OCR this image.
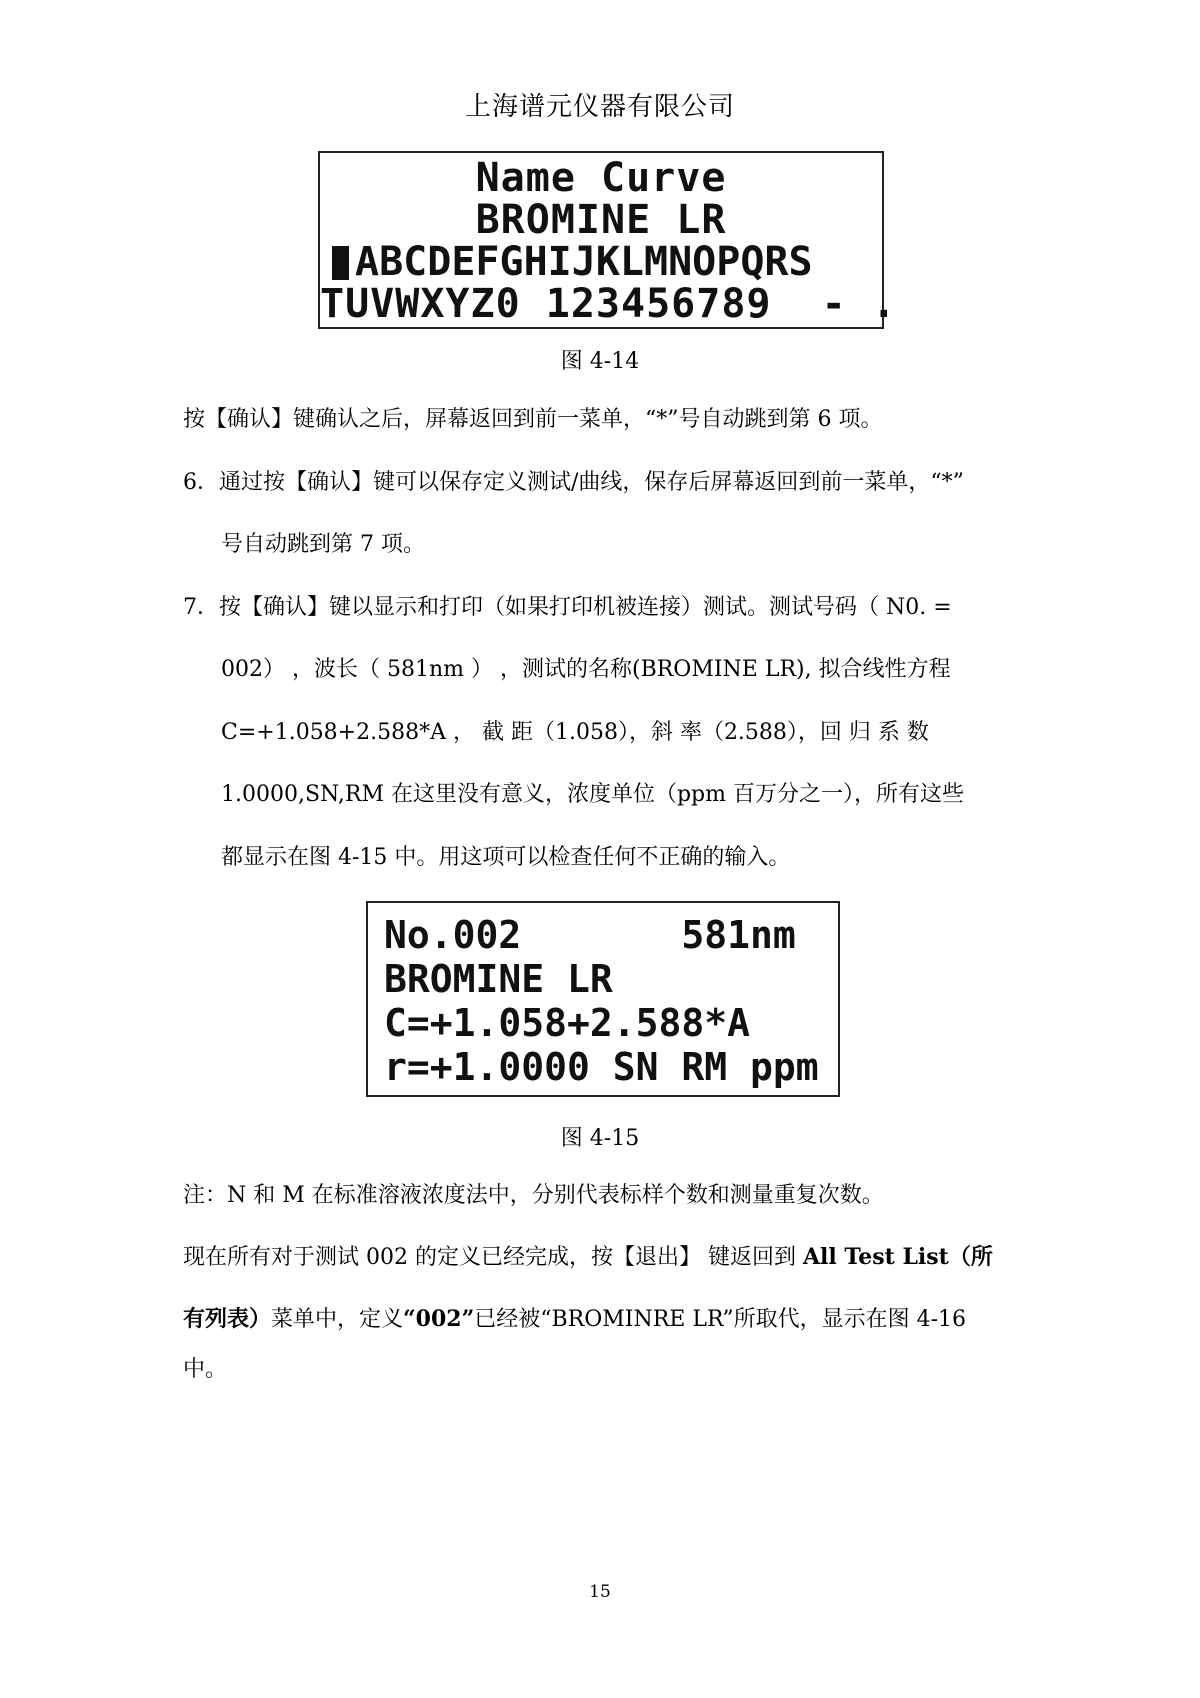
上海谱元仪器有限公司
Name Curve
BROMINE LR
ABCDEFGHIJKLMNOPQRS
TUVWXYZ0 123456789  - .
图 4-14
按【确认】键确认之后，屏幕返回到前一菜单，“*”号自动跳到第 6 项。
6．通过按【确认】键可以保存定义测试/曲线，保存后屏幕返回到前一菜单，“*”
号自动跳到第 7 项。
7．按【确认】键以显示和打印（如果打印机被连接）测试。测试号码（ N0. =
002） ，波长（ 581nm ） ，测试的名称(BROMINE LR), 拟合线性方程
C=+1.058+2.588*A ， 截 距（1.058），斜 率（2.588），回 归 系 数
1.0000,SN,RM 在这里没有意义，浓度单位（ppm 百万分之一），所有这些
都显示在图 4-15 中。用这项可以检查任何不正确的输入。
No.002       581nm
BROMINE LR
C=+1.058+2.588*A
r=+1.0000 SN RM ppm
图 4-15
注：N 和 M 在标准溶液浓度法中，分别代表标样个数和测量重复次数。
现在所有对于测试 002 的定义已经完成，按【退出】 键返回到 All Test List（所
有列表）菜单中，定义“002”已经被“BROMINRE LR”所取代，显示在图 4-16
中。
15
